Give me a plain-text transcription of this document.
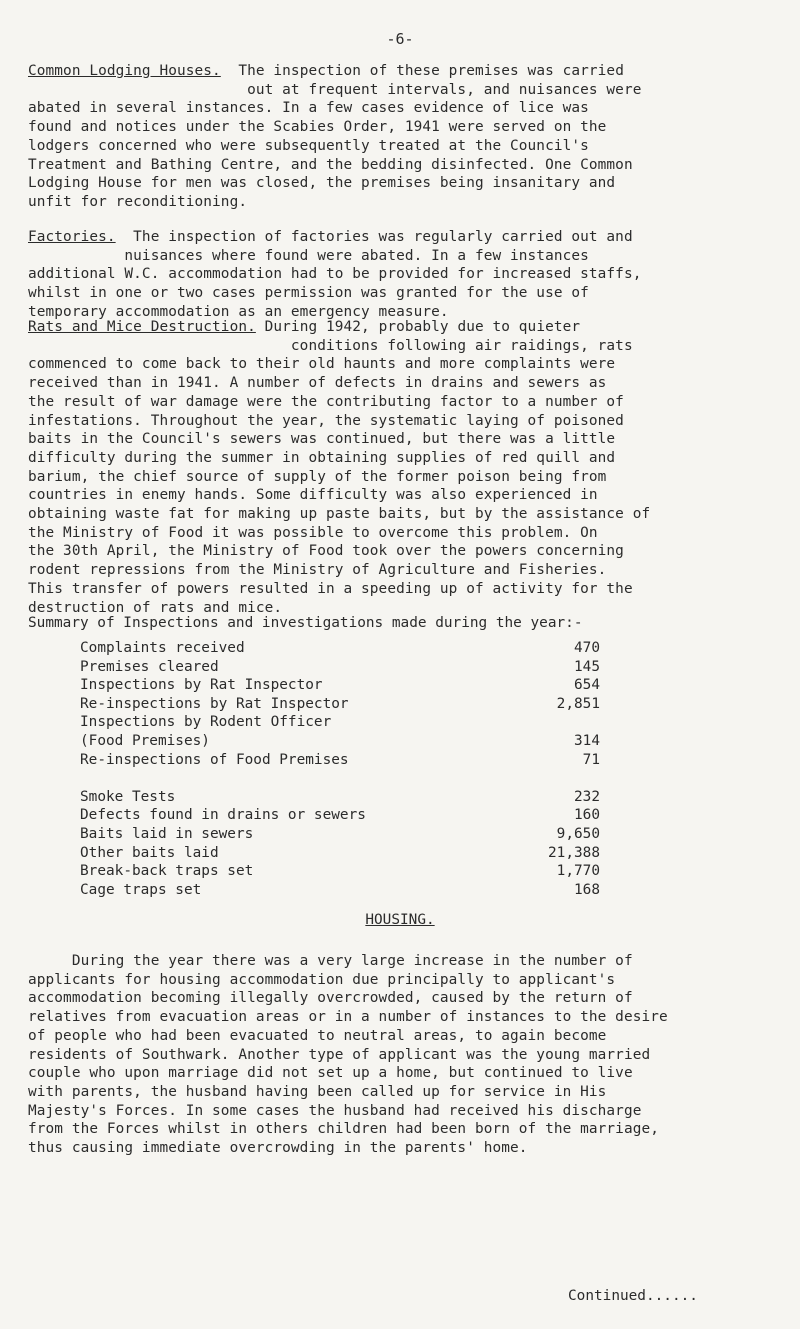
-6-

Common Lodging Houses. The inspection of these premises was carried

out at frequent intervals, and nuisances were

abated in several instances. In a few cases evidence of lice was

found and notices under the Scabies Order, 1941 were served on the

lodgers concerned who were subsequently treated at the Council's

Treatment and Bathing Centre, and the bedding disinfected. One Common

Lodging House for men was closed, the premises being insanitary and

unfit for reconditioning.

Factories. The inspection of factories was regularly carried out and

nuisances where found were abated. In a few instances

additional W.C. accommodation had to be provided for increased staffs,

whilst in one or two cases permission was granted for the use of

temporary accommodation as an emergency measure.

Rats and Mice Destruction. During 1942, probably due to quieter

conditions following air raidings, rats

commenced to come back to their old haunts and more complaints were

received than in 1941. A number of defects in drains and sewers as

the result of war damage were the contributing factor to a number of

infestations. Throughout the year, the systematic laying of poisoned

baits in the Council's sewers was continued, but there was a little

difficulty during the summer in obtaining supplies of red quill and

barium, the chief source of supply of the former poison being from

countries in enemy hands. Some difficulty was also experienced in

obtaining waste fat for making up paste baits, but by the assistance of

the Ministry of Food it was possible to overcome this problem. On

the 30th April, the Ministry of Food took over the powers concerning

rodent repressions from the Ministry of Agriculture and Fisheries.

This transfer of powers resulted in a speeding up of activity for the

destruction of rats and mice.

Summary of Inspections and investigations made during the year:-
Complaints received	470
Premises cleared	145
Inspections by Rat Inspector	654
Re-inspections by Rat Inspector	2,851
Inspections by Rodent Officer	
(Food Premises)	314
Re-inspections of Food Premises	71

Smoke Tests	232
Defects found in drains or sewers	160
Baits laid in sewers	9,650
Other baits laid	21,388
Break-back traps set	1,770
Cage traps set	168
HOUSING.

During the year there was a very large increase in the number of

applicants for housing accommodation due principally to applicant's

accommodation becoming illegally overcrowded, caused by the return of

relatives from evacuation areas or in a number of instances to the desire

of people who had been evacuated to neutral areas, to again become

residents of Southwark. Another type of applicant was the young married

couple who upon marriage did not set up a home, but continued to live

with parents, the husband having been called up for service in His

Majesty's Forces. In some cases the husband had received his discharge

from the Forces whilst in others children had been born of the marriage,

thus causing immediate overcrowding in the parents' home.

Continued......
